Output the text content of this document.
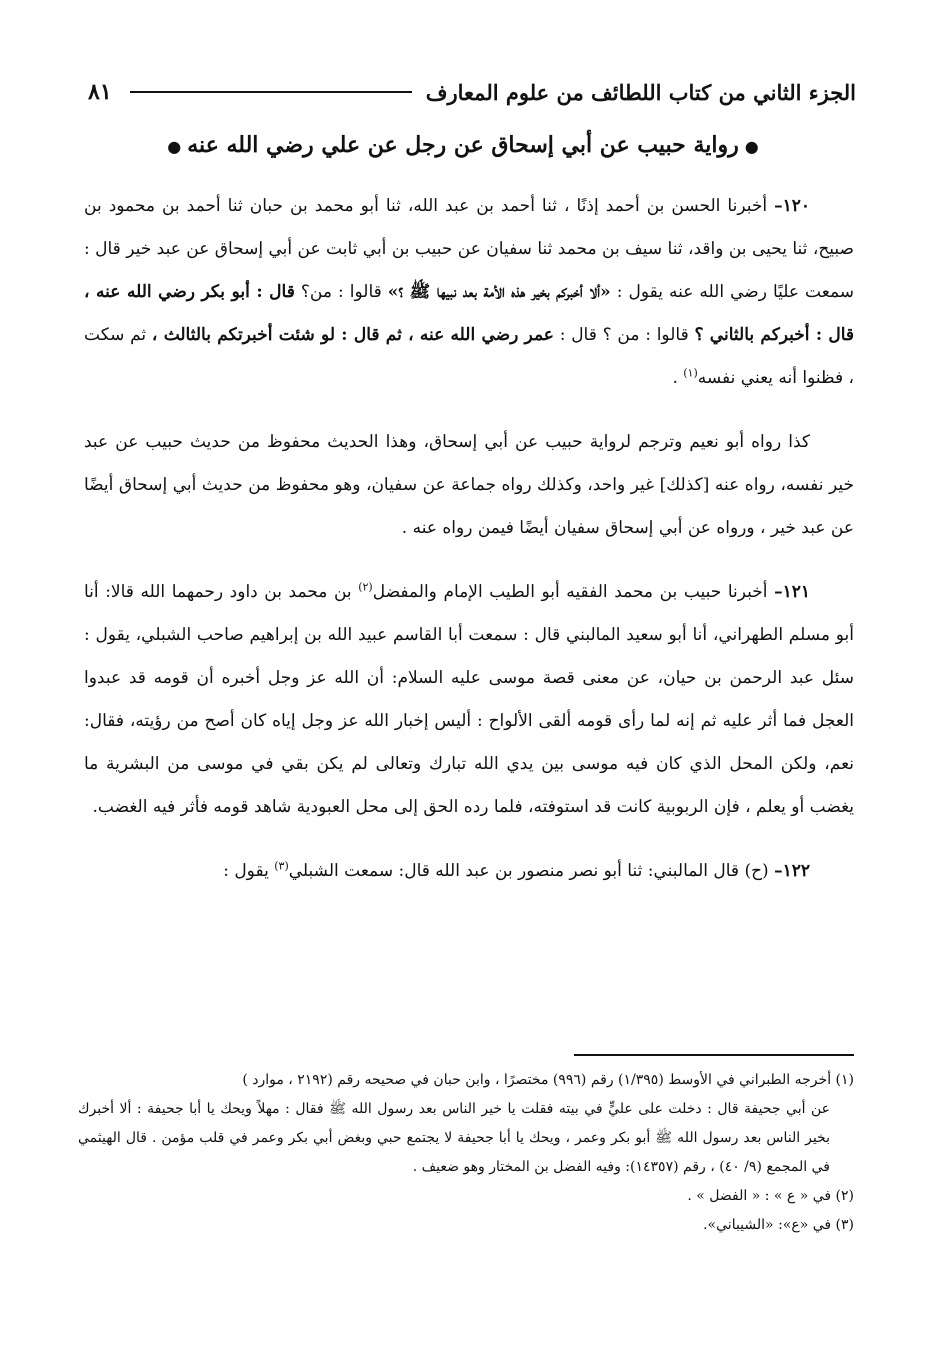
الجزء الثاني من كتاب اللطائف من علوم المعارف
٨١
●رواية حبيب عن أبي إسحاق عن رجل عن علي رضي الله عنه●

١٢٠– أخبرنا الحسن بن أحمد إذنًا ، ثنا أحمد بن عبد الله، ثنا أبو محمد بن حبان ثنا أحمد بن محمود بن صبيح، ثنا يحيى بن واقد، ثنا سيف بن محمد ثنا سفيان عن حبيب بن أبي ثابت عن أبي إسحاق عن عبد خير قال : سمعت عليًا رضي الله عنه يقول : «ألا أخبركم بخير هذه الأمة بعد نبيها ﷺ ؟» قالوا : من؟ قال : أبو بكر رضي الله عنه ، قال : أخبركم بالثاني ؟ قالوا : من ؟ قال : عمر رضي الله عنه ، ثم قال : لو شئت أخبرتكم بالثالث ، ثم سكت ، فظنوا أنه يعني نفسه$^{(١)}$ .

كذا رواه أبو نعيم وترجم لرواية حبيب عن أبي إسحاق، وهذا الحديث محفوظ من حديث حبيب عن عبد خير نفسه، رواه عنه [كذلك] غير واحد، وكذلك رواه جماعة عن سفيان، وهو محفوظ من حديث أبي إسحاق أيضًا عن عبد خير ، ورواه عن أبي إسحاق سفيان أيضًا فيمن رواه عنه .

١٢١– أخبرنا حبيب بن محمد الفقيه أبو الطيب الإمام والمفضل$^{(٢)}$ بن محمد بن داود رحمهما الله قالا: أنا أبو مسلم الطهراني، أنا أبو سعيد المالبني قال : سمعت أبا القاسم عبيد الله بن إبراهيم صاحب الشبلي، يقول : سئل عبد الرحمن بن حيان، عن معنى قصة موسى عليه السلام: أن الله عز وجل أخبره أن قومه قد عبدوا العجل فما أثر عليه ثم إنه لما رأى قومه ألقى الألواح : أليس إخبار الله عز وجل إياه كان أصح من رؤيته، فقال: نعم، ولكن المحل الذي كان فيه موسى بين يدي الله تبارك وتعالى لم يكن بقي في موسى من البشرية ما يغضب أو يعلم ، فإن الربوبية كانت قد استوفته، فلما رده الحق إلى محل العبودية شاهد قومه فأثر فيه الغضب.

١٢٢– (ح) قال المالبني: ثنا أبو نصر منصور بن عبد الله قال: سمعت الشبلي$^{(٣)}$ يقول :

(١) أخرجه الطبراني في الأوسط (١/٣٩٥) رقم (٩٩٦) مختصرًا ، وابن حبان في صحيحه رقم (٢١٩٢ ، موارد )

عن أبي جحيفة قال : دخلت على عليٍّ في بيته فقلت يا خير الناس بعد رسول الله ﷺ فقال : مهلاً ويحك يا أبا جحيفة : ألا أخبرك بخير الناس بعد رسول الله ﷺ أبو بكر وعمر ، ويحك يا أبا جحيفة لا يجتمع حبي وبغض أبي بكر وعمر في قلب مؤمن . قال الهيثمي في المجمع (٩/ ٤٠) ، رقم (١٤٣٥٧): وفيه الفضل بن المختار وهو ضعيف .

(٢) في « ع » : « الفضل » .

(٣) في «ع»: «الشيباني».
